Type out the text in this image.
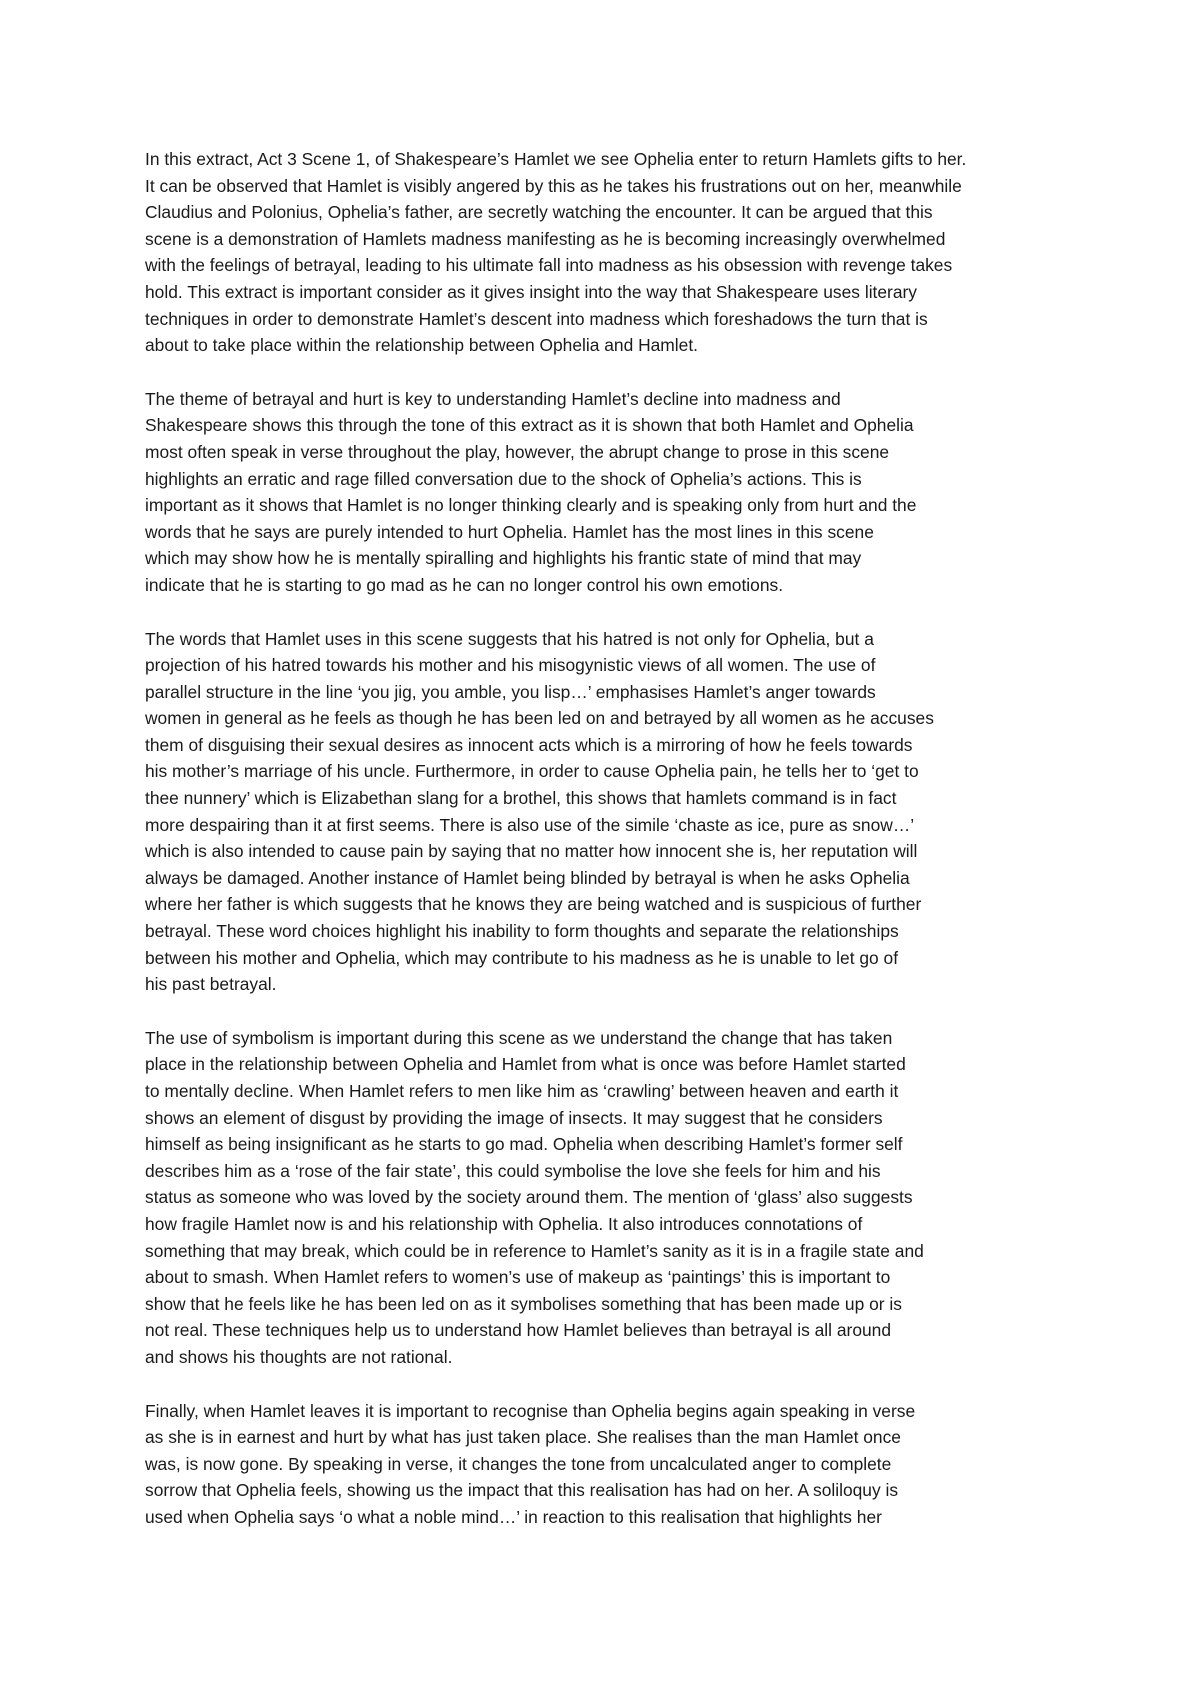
In this extract, Act 3 Scene 1, of Shakespeare’s Hamlet we see Ophelia enter to return Hamlets gifts to her.
It can be observed that Hamlet is visibly angered by this as he takes his frustrations out on her, meanwhile
Claudius and Polonius, Ophelia’s father, are secretly watching the encounter. It can be argued that this
scene is a demonstration of Hamlets madness manifesting as he is becoming increasingly overwhelmed
with the feelings of betrayal, leading to his ultimate fall into madness as his obsession with revenge takes
hold. This extract is important consider as it gives insight into the way that Shakespeare uses literary
techniques in order to demonstrate Hamlet’s descent into madness which foreshadows the turn that is
about to take place within the relationship between Ophelia and Hamlet.

The theme of betrayal and hurt is key to understanding Hamlet’s decline into madness and
Shakespeare shows this through the tone of this extract as it is shown that both Hamlet and Ophelia
most often speak in verse throughout the play, however, the abrupt change to prose in this scene
highlights an erratic and rage filled conversation due to the shock of Ophelia’s actions. This is
important as it shows that Hamlet is no longer thinking clearly and is speaking only from hurt and the
words that he says are purely intended to hurt Ophelia. Hamlet has the most lines in this scene
which may show how he is mentally spiralling and highlights his frantic state of mind that may
indicate that he is starting to go mad as he can no longer control his own emotions.

The words that Hamlet uses in this scene suggests that his hatred is not only for Ophelia, but a
projection of his hatred towards his mother and his misogynistic views of all women. The use of
parallel structure in the line ‘you jig, you amble, you lisp…’ emphasises Hamlet’s anger towards
women in general as he feels as though he has been led on and betrayed by all women as he accuses
them of disguising their sexual desires as innocent acts which is a mirroring of how he feels towards
his mother’s marriage of his uncle. Furthermore, in order to cause Ophelia pain, he tells her to ‘get to
thee nunnery’ which is Elizabethan slang for a brothel, this shows that hamlets command is in fact
more despairing than it at first seems. There is also use of the simile ‘chaste as ice, pure as snow…’
which is also intended to cause pain by saying that no matter how innocent she is, her reputation will
always be damaged. Another instance of Hamlet being blinded by betrayal is when he asks Ophelia
where her father is which suggests that he knows they are being watched and is suspicious of further
betrayal. These word choices highlight his inability to form thoughts and separate the relationships
between his mother and Ophelia, which may contribute to his madness as he is unable to let go of
his past betrayal.

The use of symbolism is important during this scene as we understand the change that has taken
place in the relationship between Ophelia and Hamlet from what is once was before Hamlet started
to mentally decline. When Hamlet refers to men like him as ‘crawling’ between heaven and earth it
shows an element of disgust by providing the image of insects. It may suggest that he considers
himself as being insignificant as he starts to go mad. Ophelia when describing Hamlet’s former self
describes him as a ‘rose of the fair state’, this could symbolise the love she feels for him and his
status as someone who was loved by the society around them. The mention of ‘glass’ also suggests
how fragile Hamlet now is and his relationship with Ophelia. It also introduces connotations of
something that may break, which could be in reference to Hamlet’s sanity as it is in a fragile state and
about to smash. When Hamlet refers to women’s use of makeup as ‘paintings’ this is important to
show that he feels like he has been led on as it symbolises something that has been made up or is
not real. These techniques help us to understand how Hamlet believes than betrayal is all around
and shows his thoughts are not rational.

Finally, when Hamlet leaves it is important to recognise than Ophelia begins again speaking in verse
as she is in earnest and hurt by what has just taken place. She realises than the man Hamlet once
was, is now gone. By speaking in verse, it changes the tone from uncalculated anger to complete
sorrow that Ophelia feels, showing us the impact that this realisation has had on her. A soliloquy is
used when Ophelia says ‘o what a noble mind…’ in reaction to this realisation that highlights her
